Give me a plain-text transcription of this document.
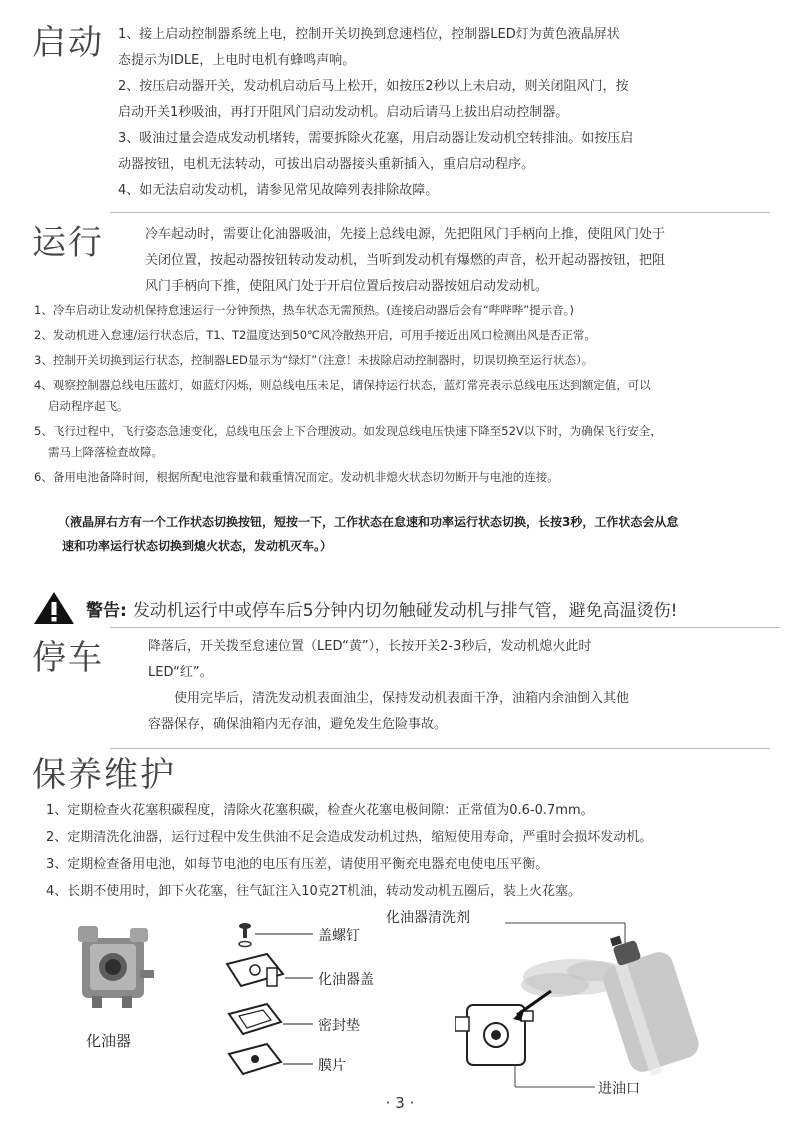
启动 1、接上启动控制器系统上电，控制开关切换到怠速档位，控制器LED灯为黄色液晶屏状
态提示为IDLE，上电时电机有蜂鸣声响。
2、按压启动器开关，发动机启动后马上松开，如按压2秒以上未启动，则关闭阻风门，按
启动开关1秒吸油，再打开阻风门启动发动机。启动后请马上拔出启动控制器。
3、吸油过量会造成发动机堵转，需要拆除火花塞，用启动器让发动机空转排油。如按压启
动器按钮，电机无法转动，可拔出启动器接头重新插入，重启启动程序。
4、如无法启动发动机，请参见常见故障列表排除故障。
运行	冷车起动时，需要让化油器吸油，先接上总线电源，先把阻风门手柄向上推，使阻风门处于
关闭位置，按起动器按钮转动发动机，当听到发动机有爆燃的声音，松开起动器按钮，把阻
风门手柄向下推，使阻风门处于开启位置后按启动器按妞启动发动机。
1、冷车启动让发动机保持怠速运行一分钟预热，热车状态无需预热。(连接启动器后会有“哔哔哔”提示音。)
2、发动机进入怠速/运行状态后，T1、T2温度达到50℃风冷散热开启，可用手接近出风口检测出风是否正常。
3、控制开关切换到运行状态，控制器LED显示为“绿灯”（注意！未拔除启动控制器时，切误切换至运行状态）。
4、观察控制器总线电压蓝灯，如蓝灯闪烁，则总线电压未足，请保持运行状态，蓝灯常亮表示总线电压达到额定值，可以
启动程序起飞。
5、飞行过程中，飞行姿态急速变化，总线电压会上下合理波动。如发现总线电压快速下降至52V以下时，为确保飞行安全，
需马上降落检查故障。
6、备用电池备降时间，根据所配电池容量和载重情况而定。发动机非熄火状态切勿断开与电池的连接。
（液晶屏右方有一个工作状态切换按钮，短按一下，工作状态在怠速和功率运行状态切换，长按3秒，工作状态会从怠
速和功率运行状态切换到熄火状态，发动机灭车。）
警告: 发动机运行中或停车后5分钟内切勿触碰发动机与排气管，避免高温烫伤!
停车	降落后，开关拨至怠速位置（LED“黄”），长按开关2-3秒后，发动机熄火此时
LED“红”。
使用完毕后，清洗发动机表面油尘，保持发动机表面干净，油箱内余油倒入其他
容器保存，确保油箱内无存油，避免发生危险事故。
保养维护
1、定期检查火花塞积碳程度，清除火花塞积碳，检查火花塞电极间隙：正常值为0.6-0.7mm。
2、定期清洗化油器，运行过程中发生供油不足会造成发动机过热，缩短使用寿命，严重时会损坏发动机。
3、定期检查备用电池，如每节电池的电压有压差，请使用平衡充电器充电使电压平衡。
4、长期不使用时，卸下火花塞，往气缸注入10克2T机油，转动发动机五圈后，装上火花塞。
化油器
盖螺钉
化油器盖
密封垫
膜片
化油器清洗剂
进油口
· 3 ·
